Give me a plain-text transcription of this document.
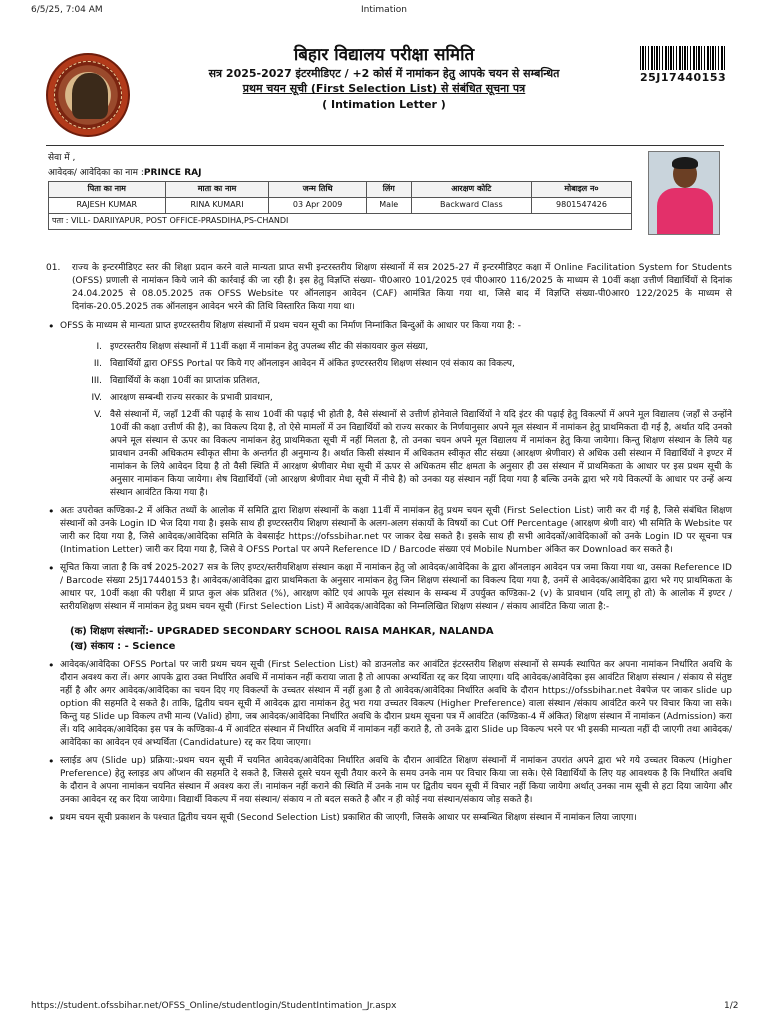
6/5/25, 7:04 AM	Intimation
बिहार विद्यालय परीक्षा समिति
सत्र 2025-2027 इंटरमीडिएट / +2 कोर्स में नामांकन हेतु आपके चयन से सम्बन्धित
प्रथम चयन सूची (First Selection List) से संबंधित सूचना पत्र
( Intimation Letter )
25J17440153
सेवा में ,
आवेदक/ आवेदिका का नाम :PRINCE RAJ
पिता का नाम	माता का नाम	जन्म तिथि	लिंग	आरक्षण कोटि	मोबाइल न०
RAJESH KUMAR	RINA KUMARI	03 Apr 2009	Male	Backward Class	9801547426
पता : VILL- DARIIYAPUR, POST OFFICE-PRASDIHA,PS-CHANDI					
01.	राज्य के इन्टरमीडिएट स्तर की शिक्षा प्रदान करने वाले मान्यता प्राप्त सभी इन्टरस्तरीय शिक्षण संस्थानों में सत्र 2025-27 में इन्टरमीडिएट कक्षा में Online Facilitation System for Students (OFSS) प्रणाली से नामांकन किये जाने की कार्रवाई की जा रही है। इस हेतु विज्ञप्ति संख्या- पी0आर0 101/2025 एवं पी0आर0 116/2025 के माध्यम से 10वीं कक्षा उत्तीर्ण विद्यार्थियों से दिनांक 24.04.2025 से 08.05.2025 तक OFSS Website पर ऑनलाइन आवेदन (CAF) आमंत्रित किया गया था, जिसे बाद में विज्ञप्ति संख्या-पी0आर0 122/2025 के माध्यम से दिनांक-20.05.2025 तक ऑनलाइन आवेदन भरने की तिथि विस्तारित किया गया था।
• OFSS के माध्यम से मान्यता प्राप्त इण्टरस्तरीय शिक्षण संस्थानों में प्रथम चयन सूची का निर्माण निम्नांकित बिन्दुओं के आधार पर किया गया है: -
I. इण्टरस्तरीय शिक्षण संस्थानों में 11वीं कक्षा में नामांकन हेतु उपलब्ध सीट की संकायवार कुल संख्या,
II. विद्यार्थियों द्वारा OFSS Portal पर किये गए ऑनलाइन आवेदन में अंकित इण्टरस्तरीय शिक्षण संस्थान एवं संकाय का विकल्प,
III. विद्यार्थियों के कक्षा 10वीं का प्राप्तांक प्रतिशत,
IV. आरक्षण सम्बन्धी राज्य सरकार के प्रभावी प्रावधान,
V. वैसे संस्थानों में, जहाँ 12वीं की पढ़ाई के साथ 10वीं की पढ़ाई भी होती है, वैसे संस्थानों से उत्तीर्ण होनेवाले विद्यार्थियों ने यदि इंटर की पढ़ाई हेतु विकल्पों में अपने मूल विद्यालय (जहाँ से उन्होंने 10वीं की कक्षा उत्तीर्ण की है), का विकल्प दिया है, तो ऐसे मामलों में उन विद्यार्थियों को राज्य सरकार के निर्णयानुसार अपने मूल संस्थान में नामांकन हेतु प्राथमिकता दी गई है, अर्थात यदि उनको अपने मूल संस्थान से ऊपर का विकल्प नामांकन हेतु प्राथमिकता सूची में नहीं मिलता है, तो उनका चयन अपने मूल विद्यालय में नामांकन हेतु किया जायेगा। किन्तु शिक्षण संस्थान के लिये यह प्रावधान उनकी अधिकतम स्वीकृत सीमा के अन्तर्गत ही अनुमान्य है। अर्थात किसी संस्थान में अधिकतम स्वीकृत सीट संख्या (आरक्षण श्रेणीवार) से अधिक उसी संस्थान में विद्यार्थियों ने इण्टर में नामांकन के लिये आवेदन दिया है तो वैसी स्थिति में आरक्षण श्रेणीवार मेधा सूची में ऊपर से अधिकतम सीट क्षमता के अनुसार ही उस संस्थान में प्राथमिकता के आधार पर इस प्रथम सूची के अनुसार नामांकन किया जायेगा। शेष विद्यार्थियों (जो आरक्षण श्रेणीवार मेधा सूची में नीचे है) को उनका यह संस्थान नहीं दिया गया है बल्कि उनके द्वारा भरे गये विकल्पों के आधार पर उन्हें अन्य संस्थान आवंटित किया गया है।
• अतः उपरोक्त कण्डिका-2 में अंकित तथ्यों के आलोक में समिति द्वारा शिक्षण संस्थानों के कक्षा 11वीं में नामांकन हेतु प्रथम चयन सूची (First Selection List) जारी कर दी गई है, जिसे संबंधित शिक्षण संस्थानों को उनके Login ID भेज दिया गया है। इसके साथ ही इण्टरस्तरीय शिक्षण संस्थानों के अलग-अलग संकायों के विषयों का Cut Off Percentage (आरक्षण श्रेणी वार) भी समिति के Website पर जारी कर दिया गया है, जिसे आवेदक/आवेदिका समिति के वेबसाईट https://ofssbihar.net पर जाकर देख सकते है। इसके साथ ही सभी आवेदकों/आवेदिकाओं को उनके Login ID पर सूचना पत्र (Intimation Letter) जारी कर दिया गया है, जिसे वे OFSS Portal पर अपने Reference ID / Barcode संख्या एवं Mobile Number अंकित कर Download कर सकते है।
• सूचित किया जाता है कि वर्ष 2025-2027 सत्र के लिए इण्टर/स्तरीयशिक्षण संस्थान कक्षा में नामांकन हेतु जो आवेदक/आवेदिका के द्वारा ऑनलाइन आवेदन पत्र जमा किया गया था, उसका Reference ID / Barcode संख्या 25J17440153 है। आवेदक/आवेदिका द्वारा प्राथमिकता के अनुसार नामांकन हेतु जिन शिक्षण संस्थानों का विकल्प दिया गया है, उनमें से आवेदक/आवेदिका द्वारा भरे गए प्राथमिकता के आधार पर, 10वीं कक्षा की परीक्षा में प्राप्त कुल अंक प्रतिशत (%), आरक्षण कोटि एवं आपके मूल संस्थान के सम्बन्ध में उपर्युक्त कण्डिका-2 (v) के प्रावधान (यदि लागू हो तो) के आलोक में इण्टर /स्तरीयशिक्षण संस्थान में नामांकन हेतु प्रथम चयन सूची (First Selection List) में आवेदक/आवेदिका को निम्नलिखित शिक्षण संस्थान / संकाय आवंटित किया जाता है:-
(क) शिक्षण संस्थानों:- UPGRADED SECONDARY SCHOOL RAISA MAHKAR, NALANDA
(ख) संकाय : - Science
• आवेदक/आवेदिका OFSS Portal पर जारी प्रथम चयन सूची (First Selection List) को डाउनलोड कर आवंटित इंटरस्तरीय शिक्षण संस्थानों से सम्पर्क स्थापित कर अपना नामांकन निर्धारित अवधि के दौरान अवश्य करा लें। अगर आपके द्वारा उक्त निर्धारित अवधि में नामांकन नहीं कराया जाता है तो आपका अभ्यर्थिता रद्द कर दिया जाएगा। यदि आवेदक/आवेदिका इस आवंटित शिक्षण संस्थान / संकाय से संतुष्ट नहीं है और अगर आवेदक/आवेदिका का चयन दिए गए विकल्पों के उच्चतर संस्थान में नहीं हुआ है तो आवेदक/आवेदिका निर्धारित अवधि के दौरान https://ofssbihar.net वेबपेज पर जाकर slide up option की सहमति दे सकते है। ताकि, द्वितीय चयन सूची में आवेदक द्वारा नामांकन हेतु भरा गया उच्चतर विकल्प (Higher Preference) वाला संस्थान /संकाय आवंटित करने पर विचार किया जा सके। किन्तु यह Slide up विकल्प तभी मान्य (Valid) होगा, जब आवेदक/आवेदिका निर्धारित अवधि के दौरान प्रथम सूचना पत्र में आवंटित (कण्डिका-4 में अंकित) शिक्षण संस्थान में नामांकन (Admission) करा लें। यदि आवेदक/आवेदिका इस पत्र के कण्डिका-4 में आवंटित संस्थान में निर्धारित अवधि में नामांकन नहीं कराते है, तो उनके द्वारा Slide up विकल्प भरने पर भी इसकी मान्यता नहीं दी जाएगी तथा आवेदक/आवेदिका का आवेदन एवं अभ्यर्थिता (Candidature) रद्द कर दिया जाएगा।
• स्लाईड अप (Slide up) प्रक्रिया:-प्रथम चयन सूची में चयनित आवेदक/आवेदिका निर्धारित अवधि के दौरान आवंटित शिक्षण संस्थानों में नामांकन उपरांत अपने द्वारा भरे गये उच्चतर विकल्प (Higher Preference) हेतु स्लाइड अप ऑप्शन की सहमति दे सकते है, जिससे दूसरे चयन सूची तैयार करने के समय उनके नाम पर विचार किया जा सके। ऐसे विद्यार्थियों के लिए यह आवश्यक है कि निर्धारित अवधि के दौरान वे अपना नामांकन चयनित संस्थान में अवश्य करा लें। नामांकन नहीं कराने की स्थिति में उनके नाम पर द्वितीय चयन सूची में विचार नहीं किया जायेगा अर्थात् उनका नाम सूची से हटा दिया जायेगा और उनका आवेदन रद्द कर दिया जायेगा। विद्यार्थी विकल्प में नया संस्थान/ संकाय न तो बदल सकते है और न ही कोई नया संस्थान/संकाय जोड़ सकते है।
• प्रथम चयन सूची प्रकाशन के पश्चात द्वितीय चयन सूची (Second Selection List) प्रकाशित की जाएगी, जिसके आधार पर सम्बन्धित शिक्षण संस्थान में नामांकन लिया जाएगा।
https://student.ofssbihar.net/OFSS_Online/studentlogin/StudentIntimation_Jr.aspx	1/2
